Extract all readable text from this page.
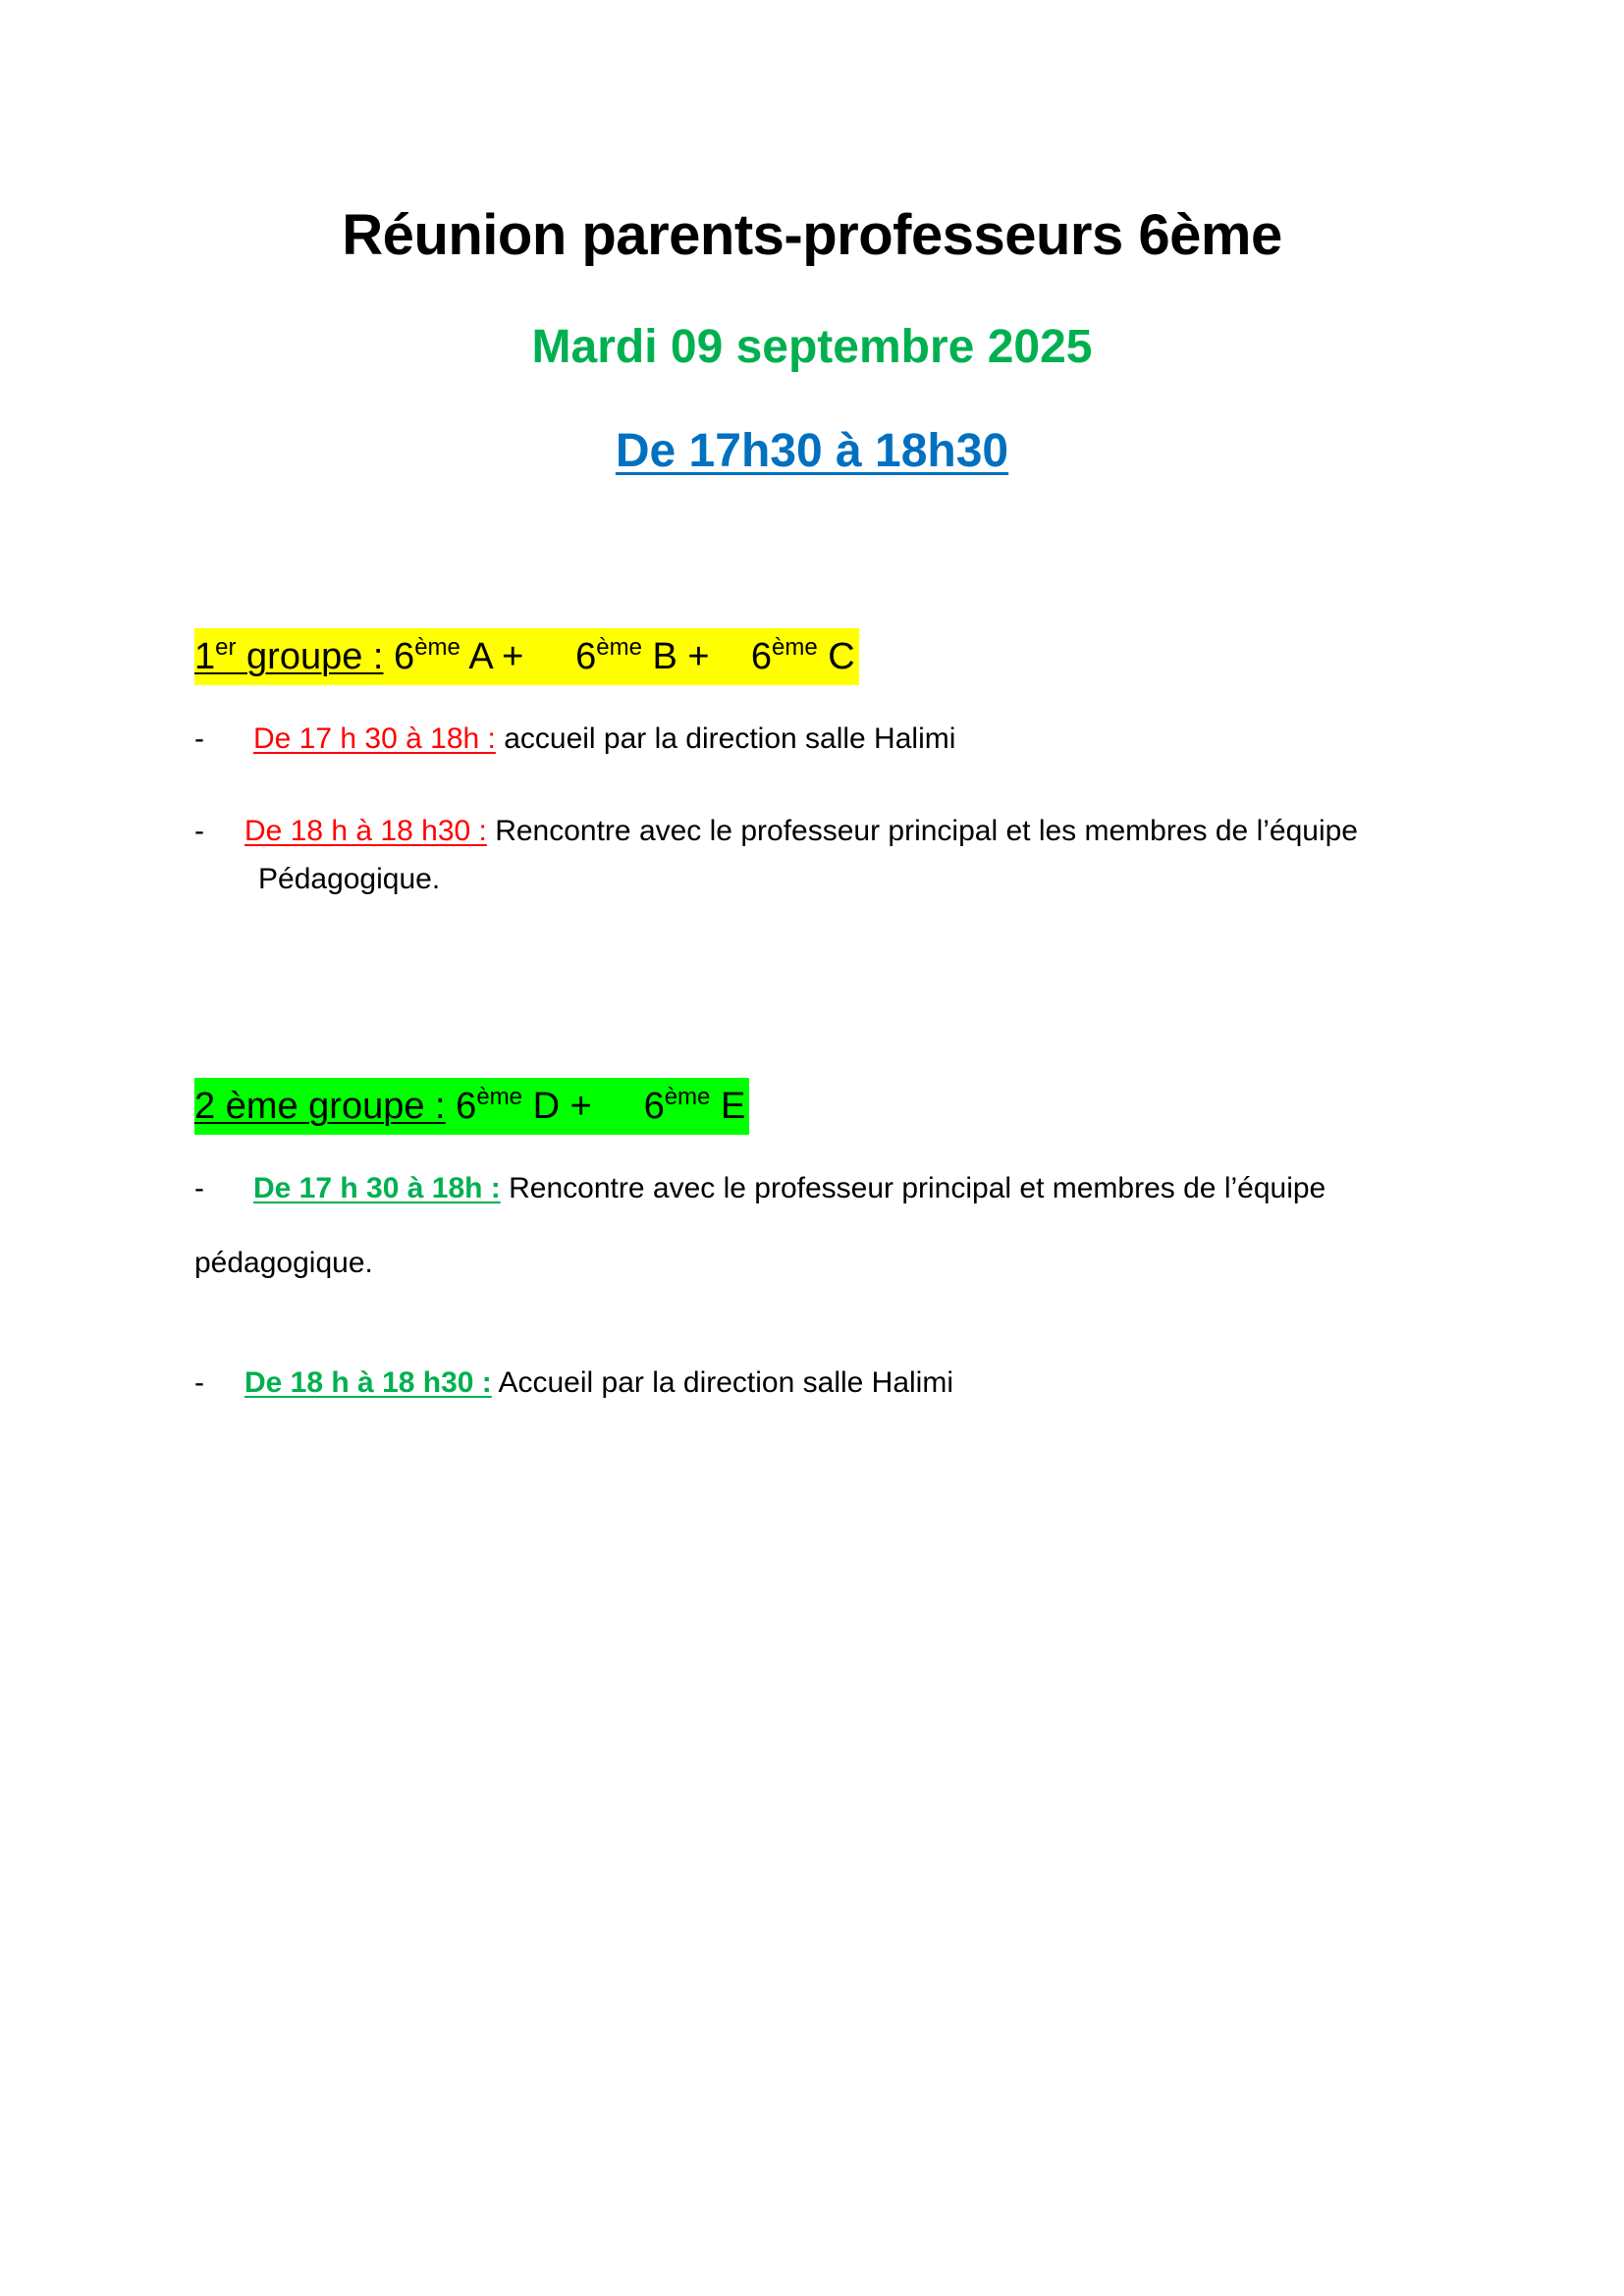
Réunion parents-professeurs 6ème
Mardi 09 septembre 2025
De 17h30 à 18h30
1er groupe : 6ème A + 6ème B + 6ème C
- De 17 h 30 à 18h : accueil par la direction salle Halimi
- De 18 h à 18 h30 : Rencontre avec le professeur principal et les membres de l’équipe
Pédagogique.
2 ème groupe : 6ème D + 6ème E
- De 17 h 30 à 18h : Rencontre avec le professeur principal et membres de l’équipe
pédagogique.
- De 18 h à 18 h30 : Accueil par la direction salle Halimi
